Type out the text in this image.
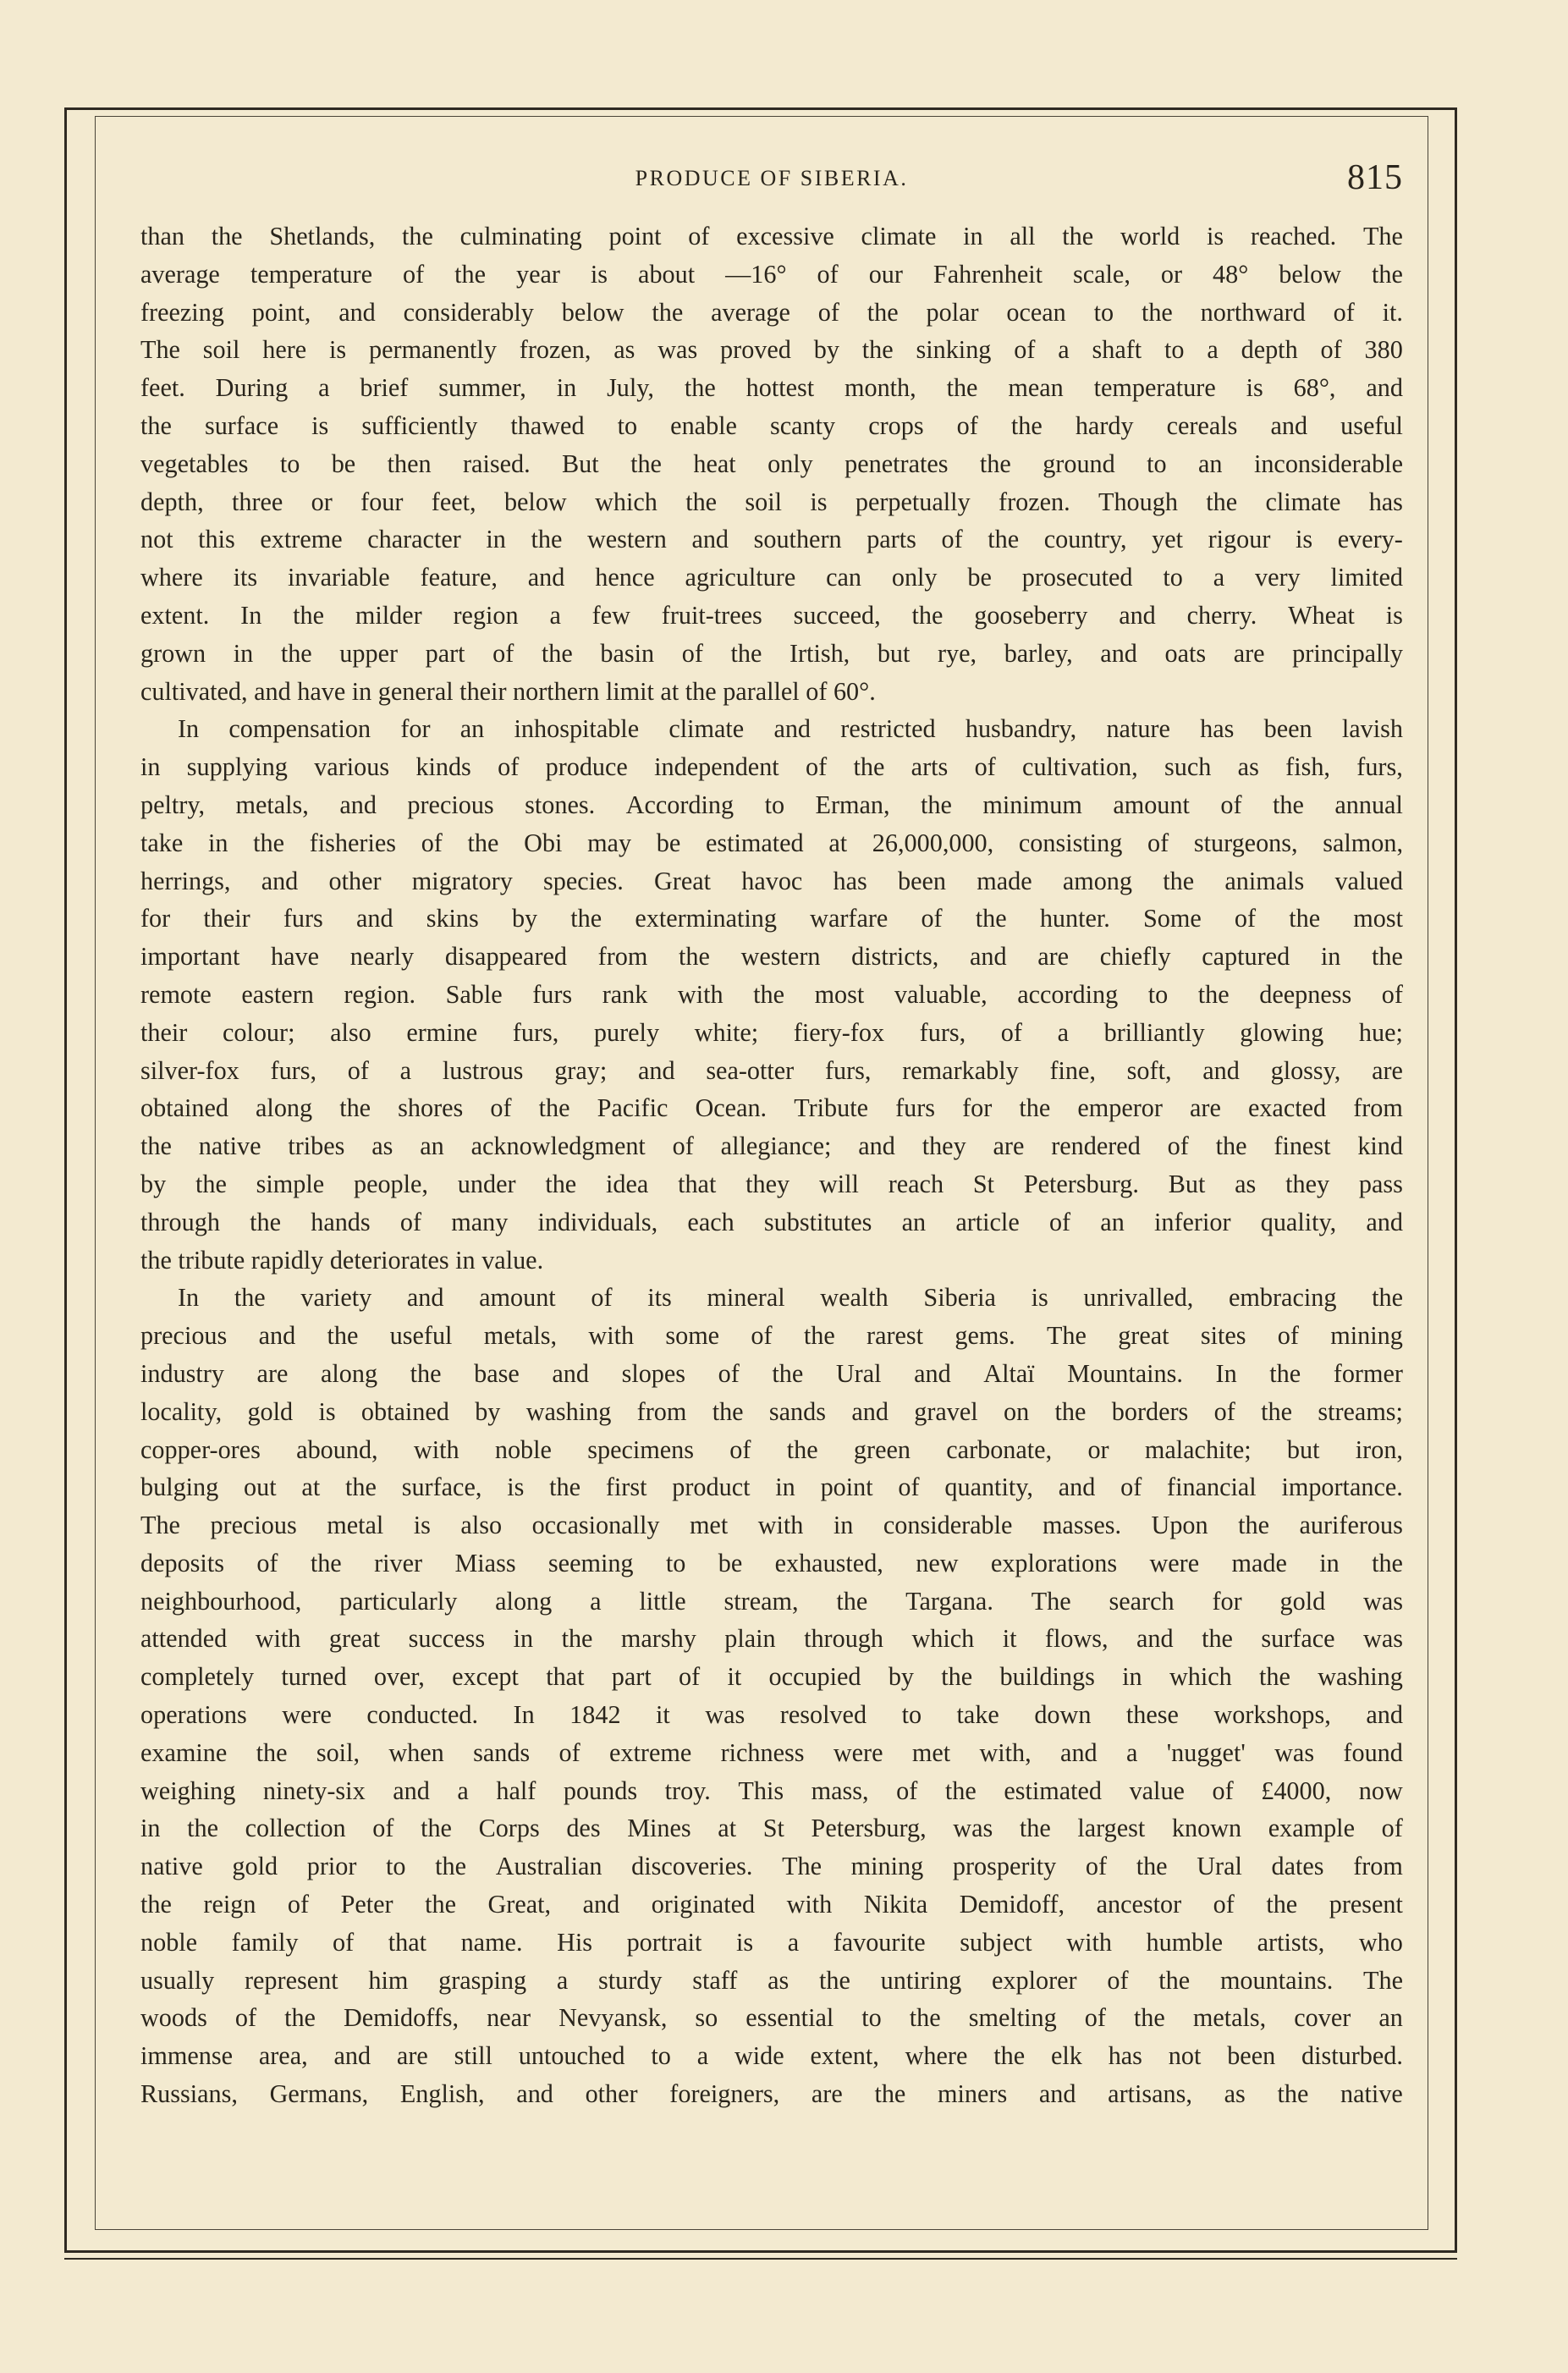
PRODUCE OF SIBERIA.	815
than the Shetlands, the culminating point of excessive climate in all the world is reached. The
average temperature of the year is about —16° of our Fahrenheit scale, or 48° below the
freezing point, and considerably below the average of the polar ocean to the northward of it.
The soil here is permanently frozen, as was proved by the sinking of a shaft to a depth of 380
feet. During a brief summer, in July, the hottest month, the mean temperature is 68°, and
the surface is sufficiently thawed to enable scanty crops of the hardy cereals and useful
vegetables to be then raised. But the heat only penetrates the ground to an inconsiderable
depth, three or four feet, below which the soil is perpetually frozen. Though the climate has
not this extreme character in the western and southern parts of the country, yet rigour is every-
where its invariable feature, and hence agriculture can only be prosecuted to a very limited
extent. In the milder region a few fruit-trees succeed, the gooseberry and cherry. Wheat is
grown in the upper part of the basin of the Irtish, but rye, barley, and oats are principally
cultivated, and have in general their northern limit at the parallel of 60°.
In compensation for an inhospitable climate and restricted husbandry, nature has been lavish
in supplying various kinds of produce independent of the arts of cultivation, such as fish, furs,
peltry, metals, and precious stones. According to Erman, the minimum amount of the annual
take in the fisheries of the Obi may be estimated at 26,000,000, consisting of sturgeons, salmon,
herrings, and other migratory species. Great havoc has been made among the animals valued
for their furs and skins by the exterminating warfare of the hunter. Some of the most
important have nearly disappeared from the western districts, and are chiefly captured in the
remote eastern region. Sable furs rank with the most valuable, according to the deepness of
their colour; also ermine furs, purely white; fiery-fox furs, of a brilliantly glowing hue;
silver-fox furs, of a lustrous gray; and sea-otter furs, remarkably fine, soft, and glossy, are
obtained along the shores of the Pacific Ocean. Tribute furs for the emperor are exacted from
the native tribes as an acknowledgment of allegiance; and they are rendered of the finest kind
by the simple people, under the idea that they will reach St Petersburg. But as they pass
through the hands of many individuals, each substitutes an article of an inferior quality, and
the tribute rapidly deteriorates in value.
In the variety and amount of its mineral wealth Siberia is unrivalled, embracing the
precious and the useful metals, with some of the rarest gems. The great sites of mining
industry are along the base and slopes of the Ural and Altaï Mountains. In the former
locality, gold is obtained by washing from the sands and gravel on the borders of the streams;
copper-ores abound, with noble specimens of the green carbonate, or malachite; but iron,
bulging out at the surface, is the first product in point of quantity, and of financial importance.
The precious metal is also occasionally met with in considerable masses. Upon the auriferous
deposits of the river Miass seeming to be exhausted, new explorations were made in the
neighbourhood, particularly along a little stream, the Targana. The search for gold was
attended with great success in the marshy plain through which it flows, and the surface was
completely turned over, except that part of it occupied by the buildings in which the washing
operations were conducted. In 1842 it was resolved to take down these workshops, and
examine the soil, when sands of extreme richness were met with, and a 'nugget' was found
weighing ninety-six and a half pounds troy. This mass, of the estimated value of £4000, now
in the collection of the Corps des Mines at St Petersburg, was the largest known example of
native gold prior to the Australian discoveries. The mining prosperity of the Ural dates from
the reign of Peter the Great, and originated with Nikita Demidoff, ancestor of the present
noble family of that name. His portrait is a favourite subject with humble artists, who
usually represent him grasping a sturdy staff as the untiring explorer of the mountains. The
woods of the Demidoffs, near Nevyansk, so essential to the smelting of the metals, cover an
immense area, and are still untouched to a wide extent, where the elk has not been disturbed.
Russians, Germans, English, and other foreigners, are the miners and artisans, as the native
